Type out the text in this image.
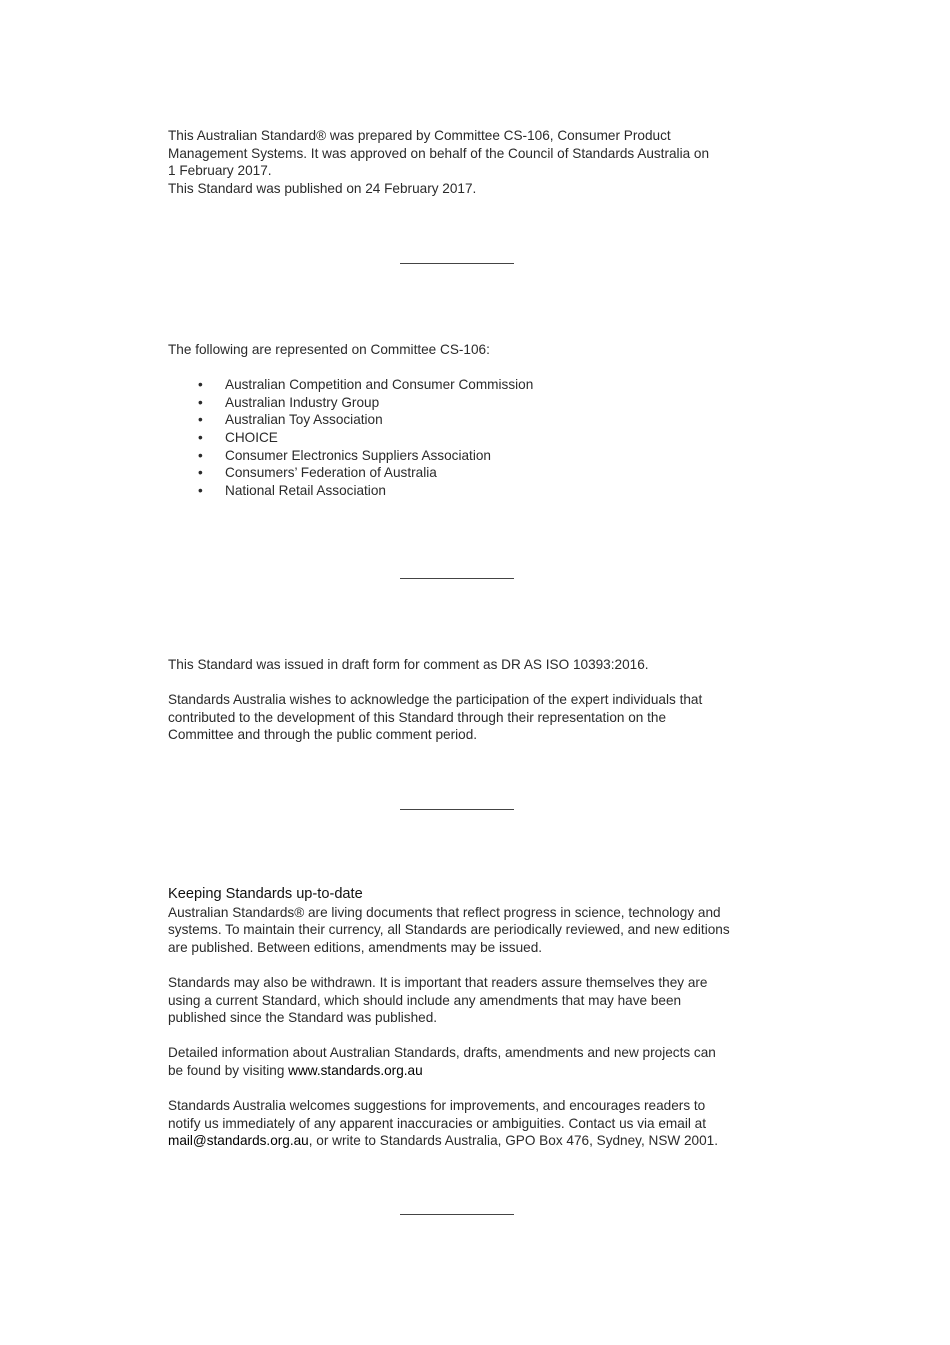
This Australian Standard® was prepared by Committee CS-106, Consumer Product

Management Systems. It was approved on behalf of the Council of Standards Australia on

1 February 2017.

This Standard was published on 24 February 2017.

The following are represented on Committee CS-106:

• Australian Competition and Consumer Commission
• Australian Industry Group
• Australian Toy Association
• CHOICE
• Consumer Electronics Suppliers Association
• Consumers’ Federation of Australia
• National Retail Association

This Standard was issued in draft form for comment as DR AS ISO 10393:2016.

Standards Australia wishes to acknowledge the participation of the expert individuals that

contributed to the development of this Standard through their representation on the

Committee and through the public comment period.

Keeping Standards up-to-date

Australian Standards® are living documents that reflect progress in science, technology and

systems. To maintain their currency, all Standards are periodically reviewed, and new editions

are published. Between editions, amendments may be issued.

Standards may also be withdrawn. It is important that readers assure themselves they are

using a current Standard, which should include any amendments that may have been

published since the Standard was published.

Detailed information about Australian Standards, drafts, amendments and new projects can

be found by visiting www.standards.org.au

Standards Australia welcomes suggestions for improvements, and encourages readers to

notify us immediately of any apparent inaccuracies or ambiguities. Contact us via email at

mail@standards.org.au, or write to Standards Australia, GPO Box 476, Sydney, NSW 2001.
